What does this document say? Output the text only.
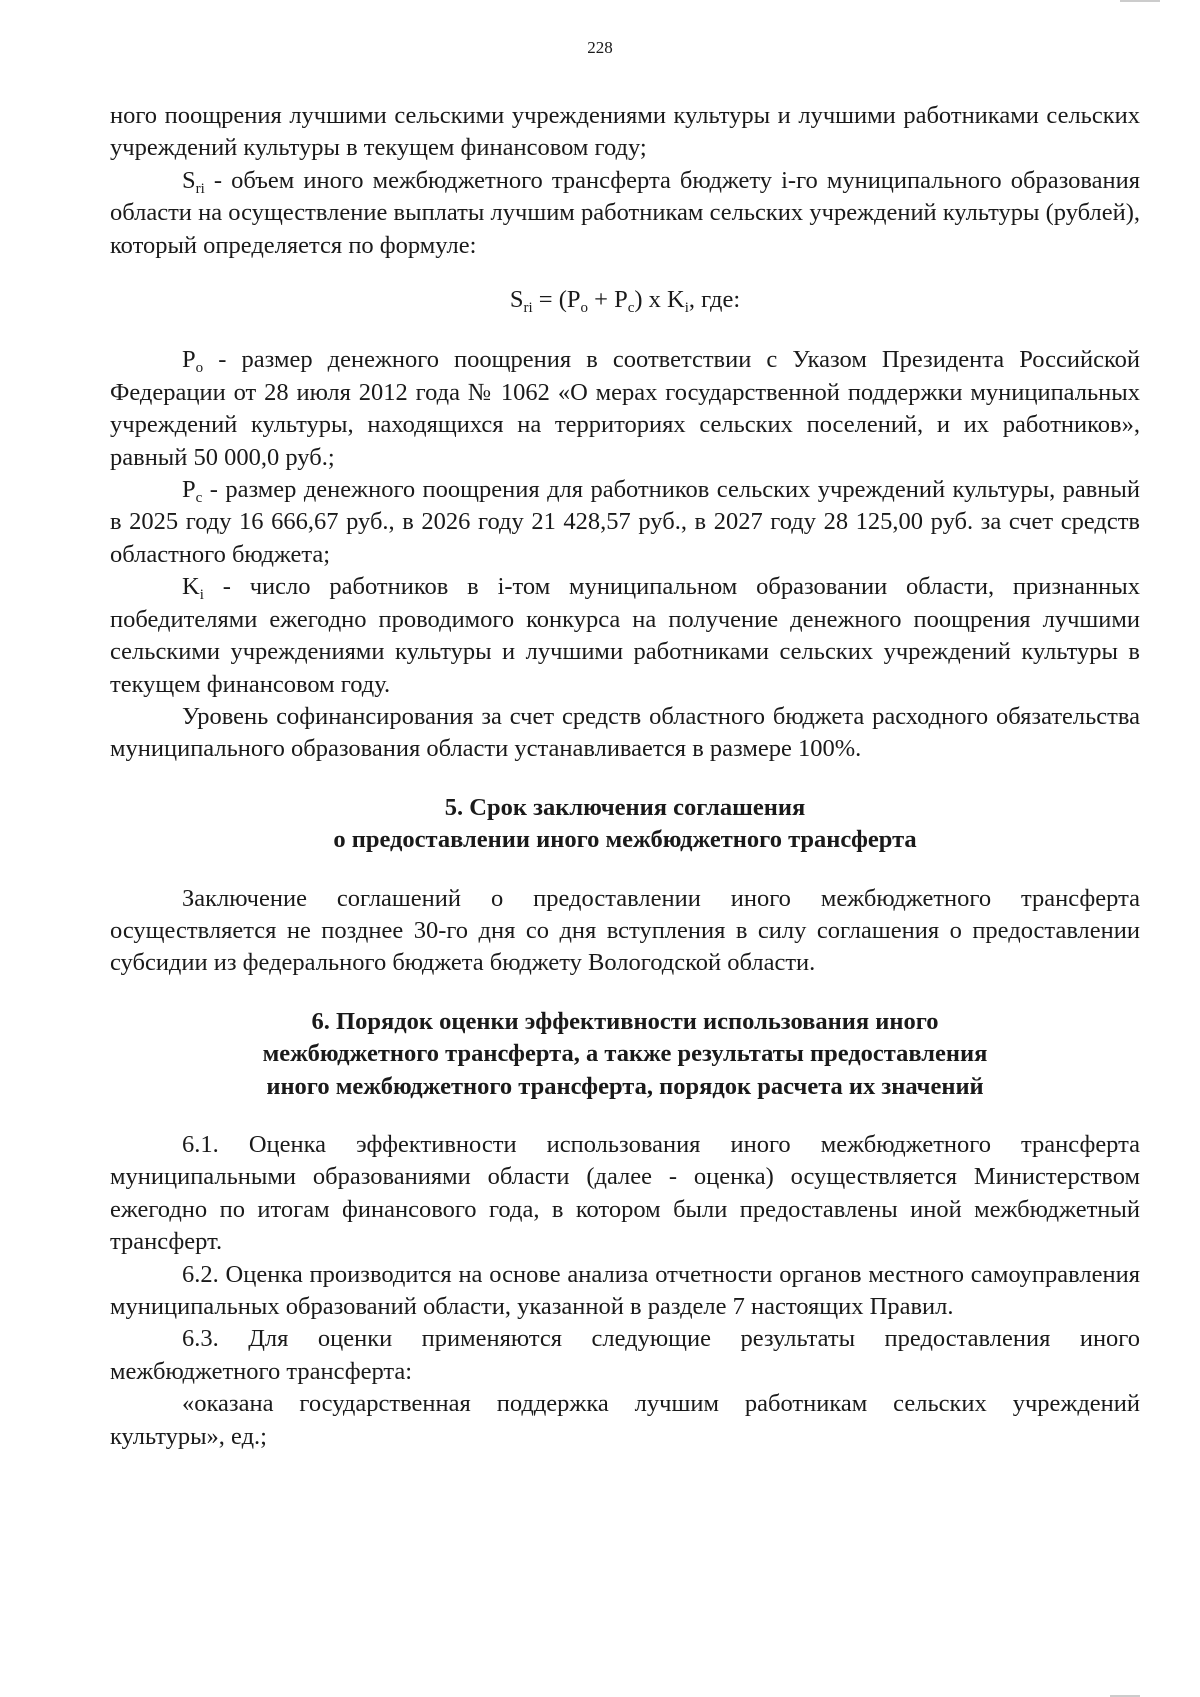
228

ного поощрения лучшими сельскими учреждениями культуры и лучшими работниками сельских учреждений культуры в текущем финансовом году;

$S_{ri}$ - объем иного межбюджетного трансферта бюджету i-го муниципального образования области на осуществление выплаты лучшим работникам сельских учреждений культуры (рублей), который определяется по формуле:

$S_{ri} = (P_o + P_c)$ x $K_i$, где:

$P_o$ - размер денежного поощрения в соответствии с Указом Президента Российской Федерации от 28 июля 2012 года № 1062 «О мерах государственной поддержки муниципальных учреждений культуры, находящихся на территориях сельских поселений, и их работников», равный 50 000,0 руб.;

$P_c$ - размер денежного поощрения для работников сельских учреждений культуры, равный в 2025 году 16 666,67 руб., в 2026 году 21 428,57 руб., в 2027 году 28 125,00 руб. за счет средств областного бюджета;

$K_i$ - число работников в i-том муниципальном образовании области, признанных победителями ежегодно проводимого конкурса на получение денежного поощрения лучшими сельскими учреждениями культуры и лучшими работниками сельских учреждений культуры в текущем финансовом году.

Уровень софинансирования за счет средств областного бюджета расходного обязательства муниципального образования области устанавливается в размере 100%.

5. Срок заключения соглашения
о предоставлении иного межбюджетного трансферта

Заключение соглашений о предоставлении иного межбюджетного трансферта осуществляется не позднее 30-го дня со дня вступления в силу соглашения о предоставлении субсидии из федерального бюджета бюджету Вологодской области.

6. Порядок оценки эффективности использования иного
межбюджетного трансферта, а также результаты предоставления
иного межбюджетного трансферта, порядок расчета их значений

6.1. Оценка эффективности использования иного межбюджетного трансферта муниципальными образованиями области (далее - оценка) осуществляется Министерством ежегодно по итогам финансового года, в котором были предоставлены иной межбюджетный трансферт.

6.2. Оценка производится на основе анализа отчетности органов местного самоуправления муниципальных образований области, указанной в разделе 7 настоящих Правил.

6.3. Для оценки применяются следующие результаты предоставления иного межбюджетного трансферта:

«оказана государственная поддержка лучшим работникам сельских учреждений культуры», ед.;
